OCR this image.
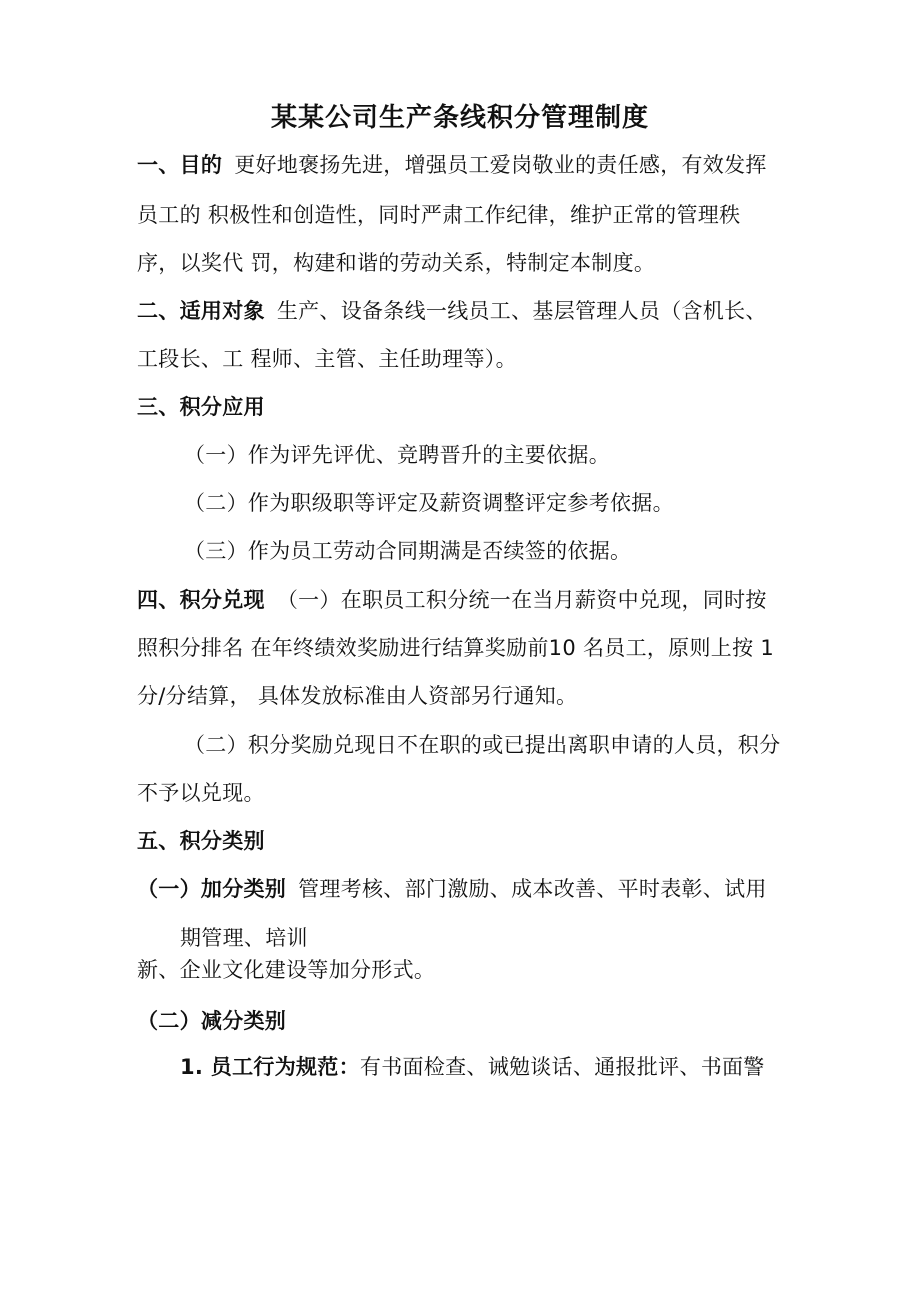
某某公司生产条线积分管理制度
一、目的 更好地褒扬先进，增强员工爱岗敬业的责任感，有效发挥
员工的 积极性和创造性，同时严肃工作纪律，维护正常的管理秩
序，以奖代 罚，构建和谐的劳动关系，特制定本制度。
二、适用对象 生产、设备条线一线员工、基层管理人员（含机长、
工段长、工 程师、主管、主任助理等）。
三、积分应用
（一）作为评先评优、竞聘晋升的主要依据。
（二）作为职级职等评定及薪资调整评定参考依据。
（三）作为员工劳动合同期满是否续签的依据。
四、积分兑现 （一）在职员工积分统一在当月薪资中兑现，同时按
照积分排名 在年终绩效奖励进行结算奖励前10 名员工，原则上按 1
分/分结算， 具体发放标准由人资部另行通知。
（二）积分奖励兑现日不在职的或已提出离职申请的人员，积分
不予以兑现。
五、积分类别
（一）加分类别 管理考核、部门激励、成本改善、平时表彰、试用
期管理、培训
新、企业文化建设等加分形式。
（二）减分类别
1. 员工行为规范：有书面检查、诫勉谈话、通报批评、书面警
